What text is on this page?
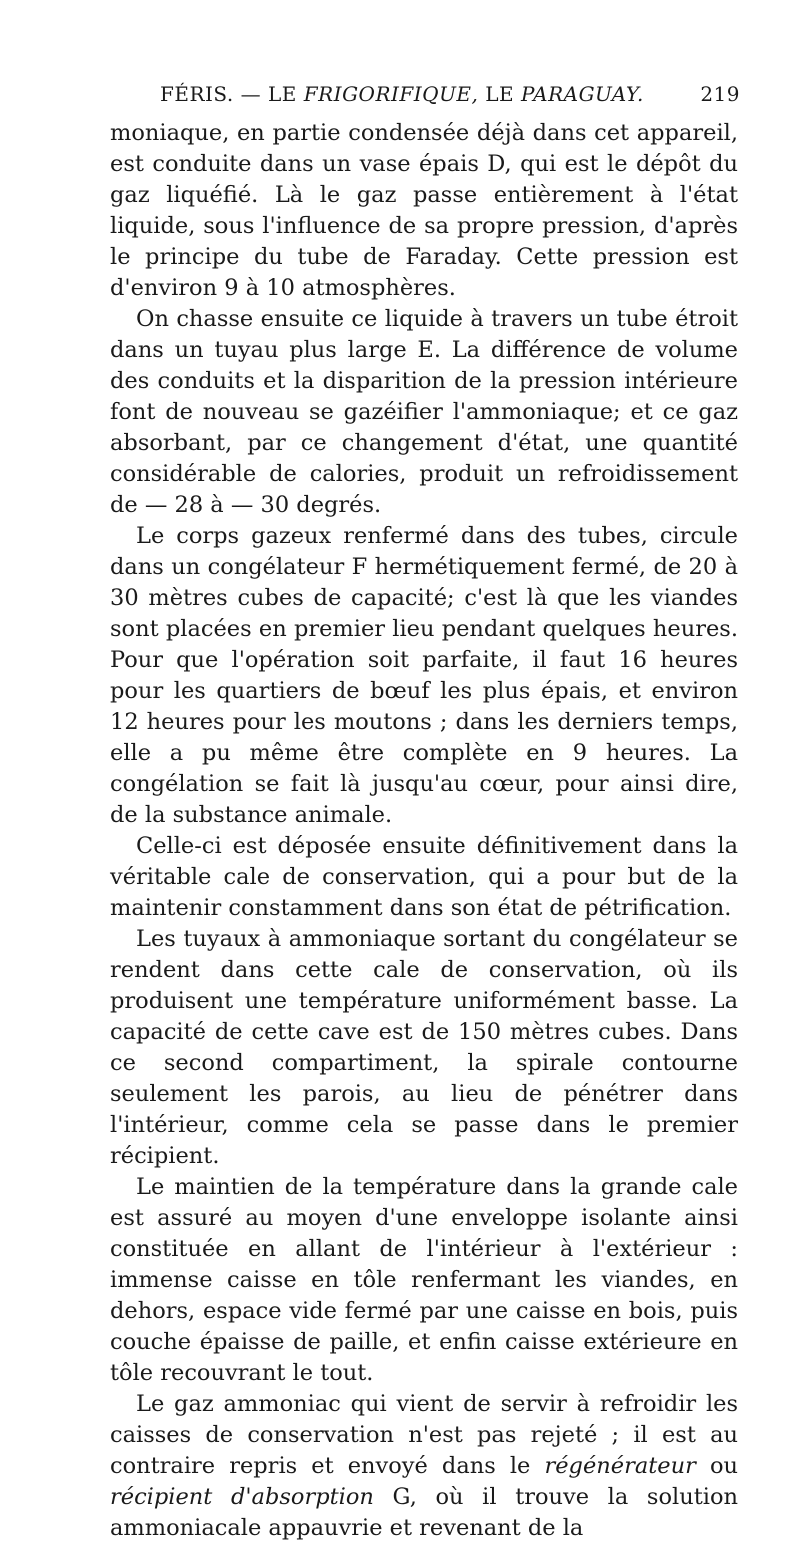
FÉRIS. — LE FRIGORIFIQUE, LE PARAGUAY.	219

moniaque, en partie condensée déjà dans cet appareil, est conduite dans un vase épais D, qui est le dépôt du gaz liquéfié. Là le gaz passe entièrement à l'état liquide, sous l'influence de sa propre pression, d'après le principe du tube de Faraday. Cette pression est d'environ 9 à 10 atmosphères.

On chasse ensuite ce liquide à travers un tube étroit dans un tuyau plus large E. La différence de volume des conduits et la disparition de la pression intérieure font de nouveau se gazéifier l'ammoniaque; et ce gaz absorbant, par ce changement d'état, une quantité considérable de calories, produit un refroidissement de — 28 à — 30 degrés.

Le corps gazeux renfermé dans des tubes, circule dans un congélateur F hermétiquement fermé, de 20 à 30 mètres cubes de capacité; c'est là que les viandes sont placées en premier lieu pendant quelques heures. Pour que l'opération soit parfaite, il faut 16 heures pour les quartiers de bœuf les plus épais, et environ 12 heures pour les moutons ; dans les derniers temps, elle a pu même être complète en 9 heures. La congélation se fait là jusqu'au cœur, pour ainsi dire, de la substance animale.

Celle-ci est déposée ensuite définitivement dans la véritable cale de conservation, qui a pour but de la maintenir constamment dans son état de pétrification.

Les tuyaux à ammoniaque sortant du congélateur se rendent dans cette cale de conservation, où ils produisent une température uniformément basse. La capacité de cette cave est de 150 mètres cubes. Dans ce second compartiment, la spirale contourne seulement les parois, au lieu de pénétrer dans l'intérieur, comme cela se passe dans le premier récipient.

Le maintien de la température dans la grande cale est assuré au moyen d'une enveloppe isolante ainsi constituée en allant de l'intérieur à l'extérieur : immense caisse en tôle renfermant les viandes, en dehors, espace vide fermé par une caisse en bois, puis couche épaisse de paille, et enfin caisse extérieure en tôle recouvrant le tout.

Le gaz ammoniac qui vient de servir à refroidir les caisses de conservation n'est pas rejeté ; il est au contraire repris et envoyé dans le régénérateur ou récipient d'absorption G, où il trouve la solution ammoniacale appauvrie et revenant de la
